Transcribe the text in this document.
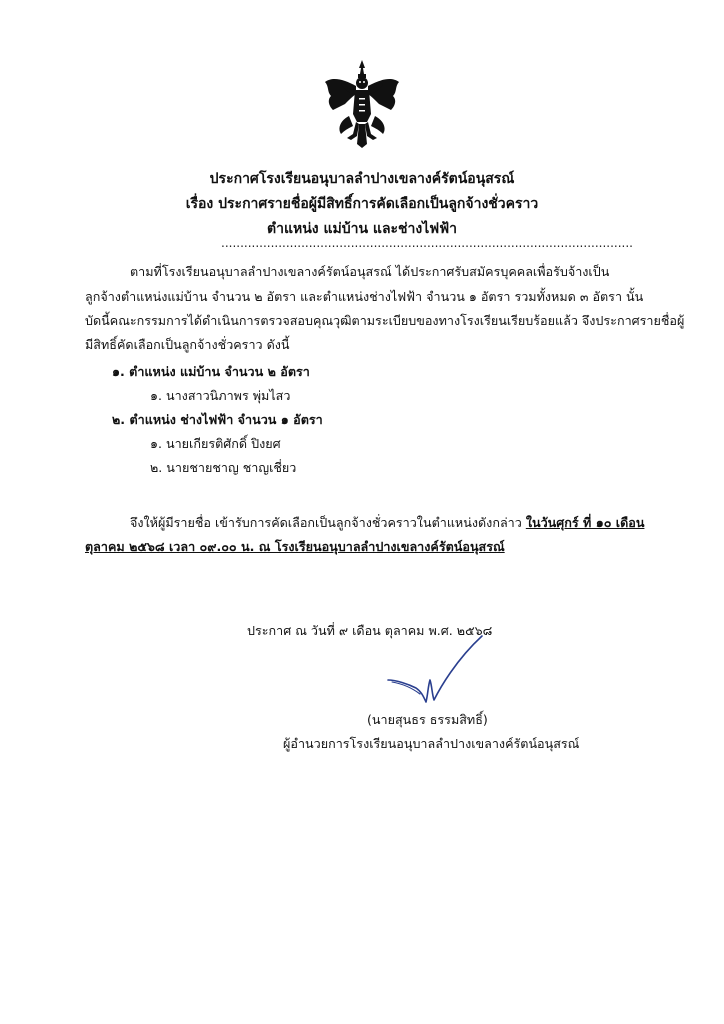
ประกาศโรงเรียนอนุบาลลำปางเขลางค์รัตน์อนุสรณ์
เรื่อง ประกาศรายชื่อผู้มีสิทธิ์การคัดเลือกเป็นลูกจ้างชั่วคราว
ตำแหน่ง แม่บ้าน และช่างไฟฟ้า
............................................................................................................
ตามที่โรงเรียนอนุบาลลำปางเขลางค์รัตน์อนุสรณ์ ได้ประกาศรับสมัครบุคคลเพื่อรับจ้างเป็น
ลูกจ้างตำแหน่งแม่บ้าน จำนวน ๒ อัตรา และตำแหน่งช่างไฟฟ้า จำนวน ๑ อัตรา รวมทั้งหมด ๓ อัตรา นั้น
บัดนี้คณะกรรมการได้ดำเนินการตรวจสอบคุณวุฒิตามระเบียบของทางโรงเรียนเรียบร้อยแล้ว จึงประกาศรายชื่อผู้
มีสิทธิ์คัดเลือกเป็นลูกจ้างชั่วคราว ดังนี้
๑. ตำแหน่ง แม่บ้าน จำนวน ๒ อัตรา
๑. นางสาวนิภาพร พุ่มไสว
๒. ตำแหน่ง ช่างไฟฟ้า จำนวน ๑ อัตรา
๑. นายเกียรติศักดิ์ ปิงยศ
๒. นายชายชาญ ชาญเชี่ยว
จึงให้ผู้มีรายชื่อ เข้ารับการคัดเลือกเป็นลูกจ้างชั่วคราวในตำแหน่งดังกล่าว ในวันศุกร์ ที่ ๑๐ เดือน
ตุลาคม ๒๕๖๘ เวลา ๐๙.๐๐ น. ณ โรงเรียนอนุบาลลำปางเขลางค์รัตน์อนุสรณ์
ประกาศ ณ วันที่ ๙ เดือน ตุลาคม พ.ศ. ๒๕๖๘
(นายสุนธร ธรรมสิทธิ์)
ผู้อำนวยการโรงเรียนอนุบาลลำปางเขลางค์รัตน์อนุสรณ์
